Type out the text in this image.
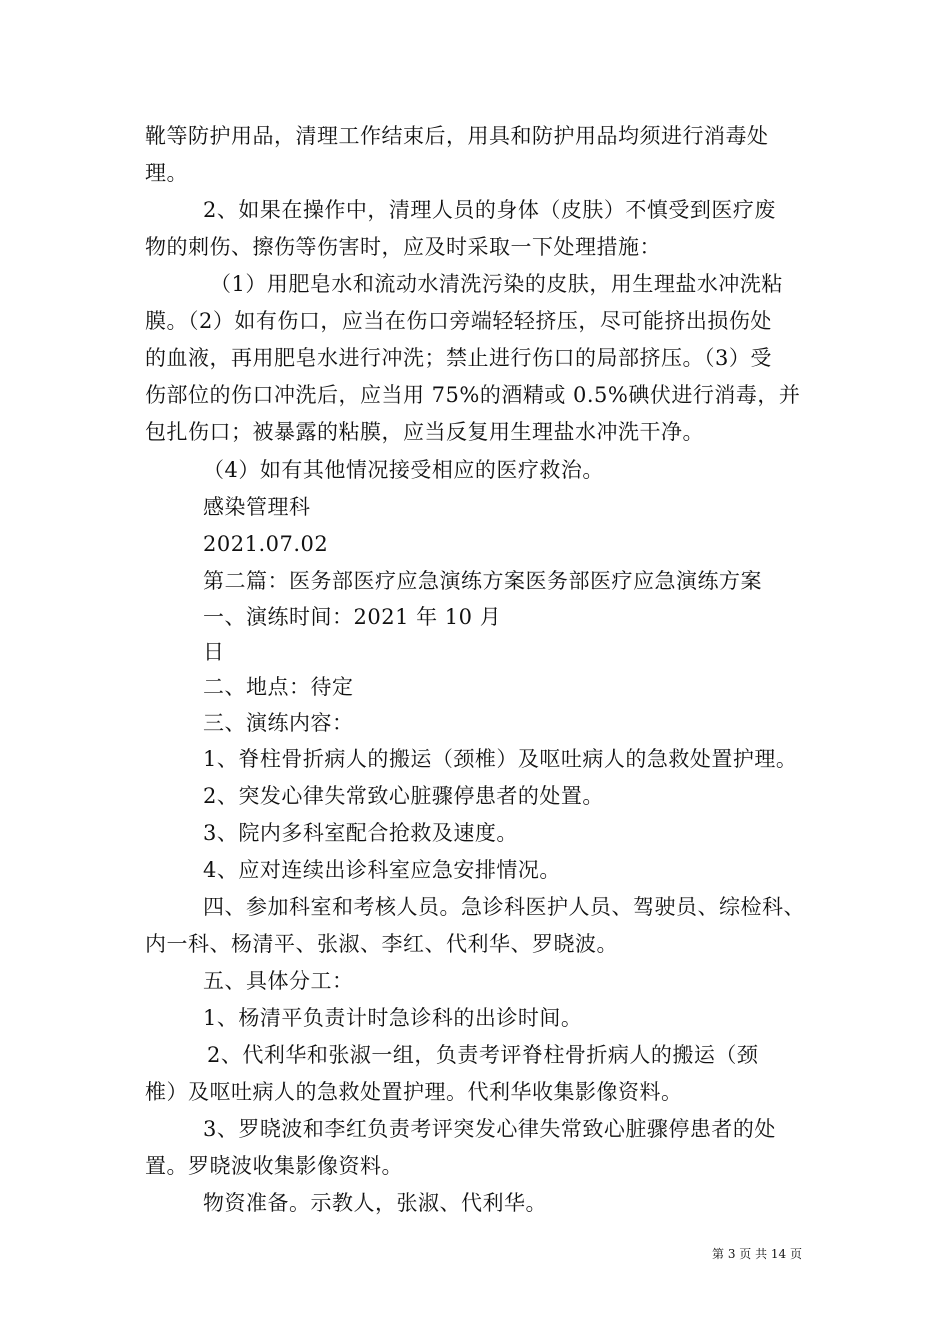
靴等防护用品，清理工作结束后，用具和防护用品均须进行消毒处
理。
2、如果在操作中，清理人员的身体（皮肤）不慎受到医疗废
物的刺伤、擦伤等伤害时，应及时采取一下处理措施：
（1）用肥皂水和流动水清洗污染的皮肤，用生理盐水冲洗粘
膜。（2）如有伤口，应当在伤口旁端轻轻挤压，尽可能挤出损伤处
的血液，再用肥皂水进行冲洗；禁止进行伤口的局部挤压。（3）受
伤部位的伤口冲洗后，应当用 75%的酒精或 0.5%碘伏进行消毒，并
包扎伤口；被暴露的粘膜，应当反复用生理盐水冲洗干净。
（4）如有其他情况接受相应的医疗救治。
感染管理科
2021.07.02
第二篇：医务部医疗应急演练方案医务部医疗应急演练方案
一、演练时间：2021 年 10 月
日
二、地点：待定
三、演练内容：
1、脊柱骨折病人的搬运（颈椎）及呕吐病人的急救处置护理。
2、突发心律失常致心脏骤停患者的处置。
3、院内多科室配合抢救及速度。
4、应对连续出诊科室应急安排情况。
四、参加科室和考核人员。急诊科医护人员、驾驶员、综检科、
内一科、杨清平、张淑、李红、代利华、罗晓波。
五、具体分工：
1、杨清平负责计时急诊科的出诊时间。
2、代利华和张淑一组，负责考评脊柱骨折病人的搬运（颈
椎）及呕吐病人的急救处置护理。代利华收集影像资料。
3、罗晓波和李红负责考评突发心律失常致心脏骤停患者的处
置。罗晓波收集影像资料。
物资准备。示教人，张淑、代利华。
第 3 页 共 14 页
